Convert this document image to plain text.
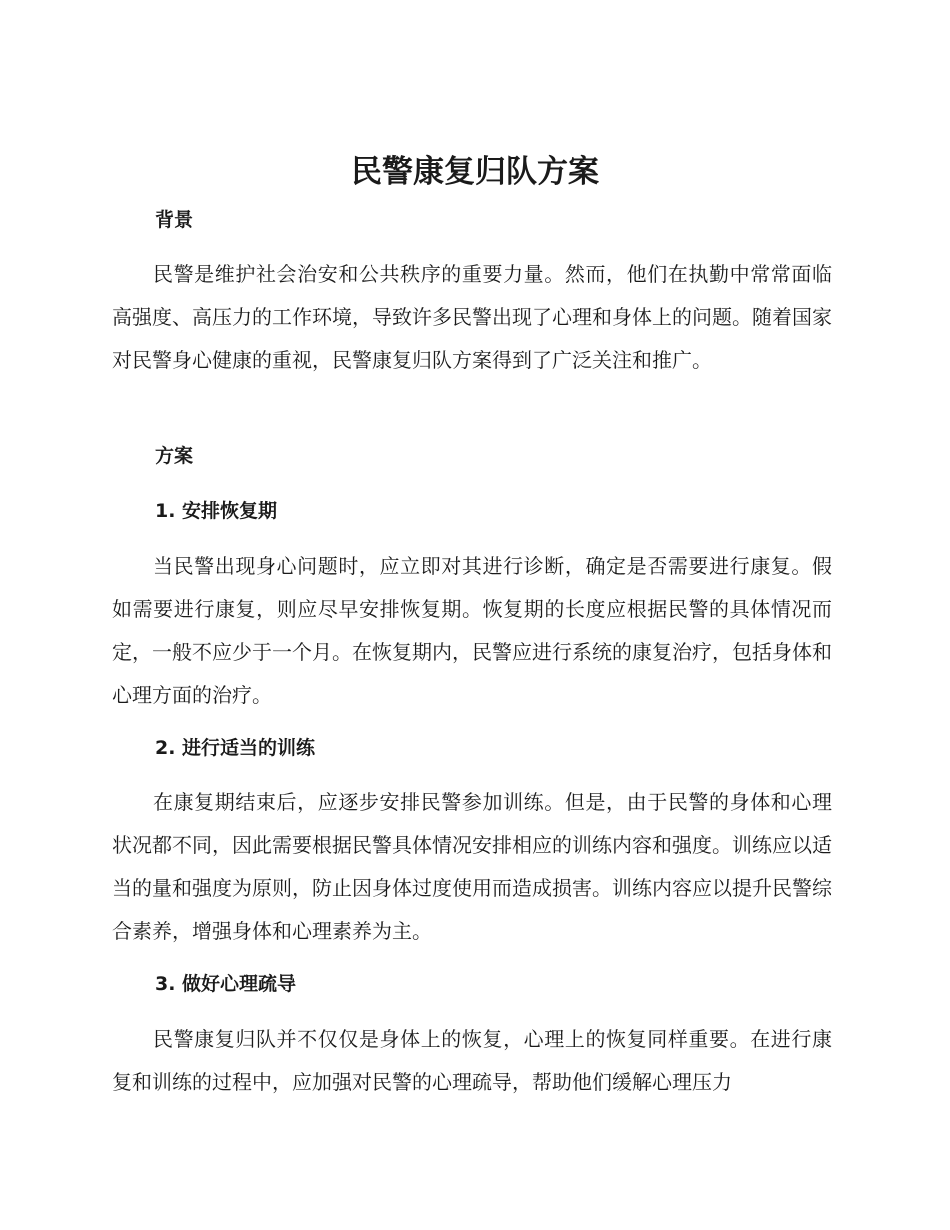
民警康复归队方案
背景

民警是维护社会治安和公共秩序的重要力量。然而，他们在执勤中常常面临高强度、高压力的工作环境，导致许多民警出现了心理和身体上的问题。随着国家对民警身心健康的重视，民警康复归队方案得到了广泛关注和推广。

方案
1. 安排恢复期

当民警出现身心问题时，应立即对其进行诊断，确定是否需要进行康复。假如需要进行康复，则应尽早安排恢复期。恢复期的长度应根据民警的具体情况而定，一般不应少于一个月。在恢复期内，民警应进行系统的康复治疗，包括身体和心理方面的治疗。

2. 进行适当的训练

在康复期结束后，应逐步安排民警参加训练。但是，由于民警的身体和心理状况都不同，因此需要根据民警具体情况安排相应的训练内容和强度。训练应以适当的量和强度为原则，防止因身体过度使用而造成损害。训练内容应以提升民警综合素养，增强身体和心理素养为主。

3. 做好心理疏导

民警康复归队并不仅仅是身体上的恢复，心理上的恢复同样重要。在进行康复和训练的过程中，应加强对民警的心理疏导，帮助他们缓解心理压力
